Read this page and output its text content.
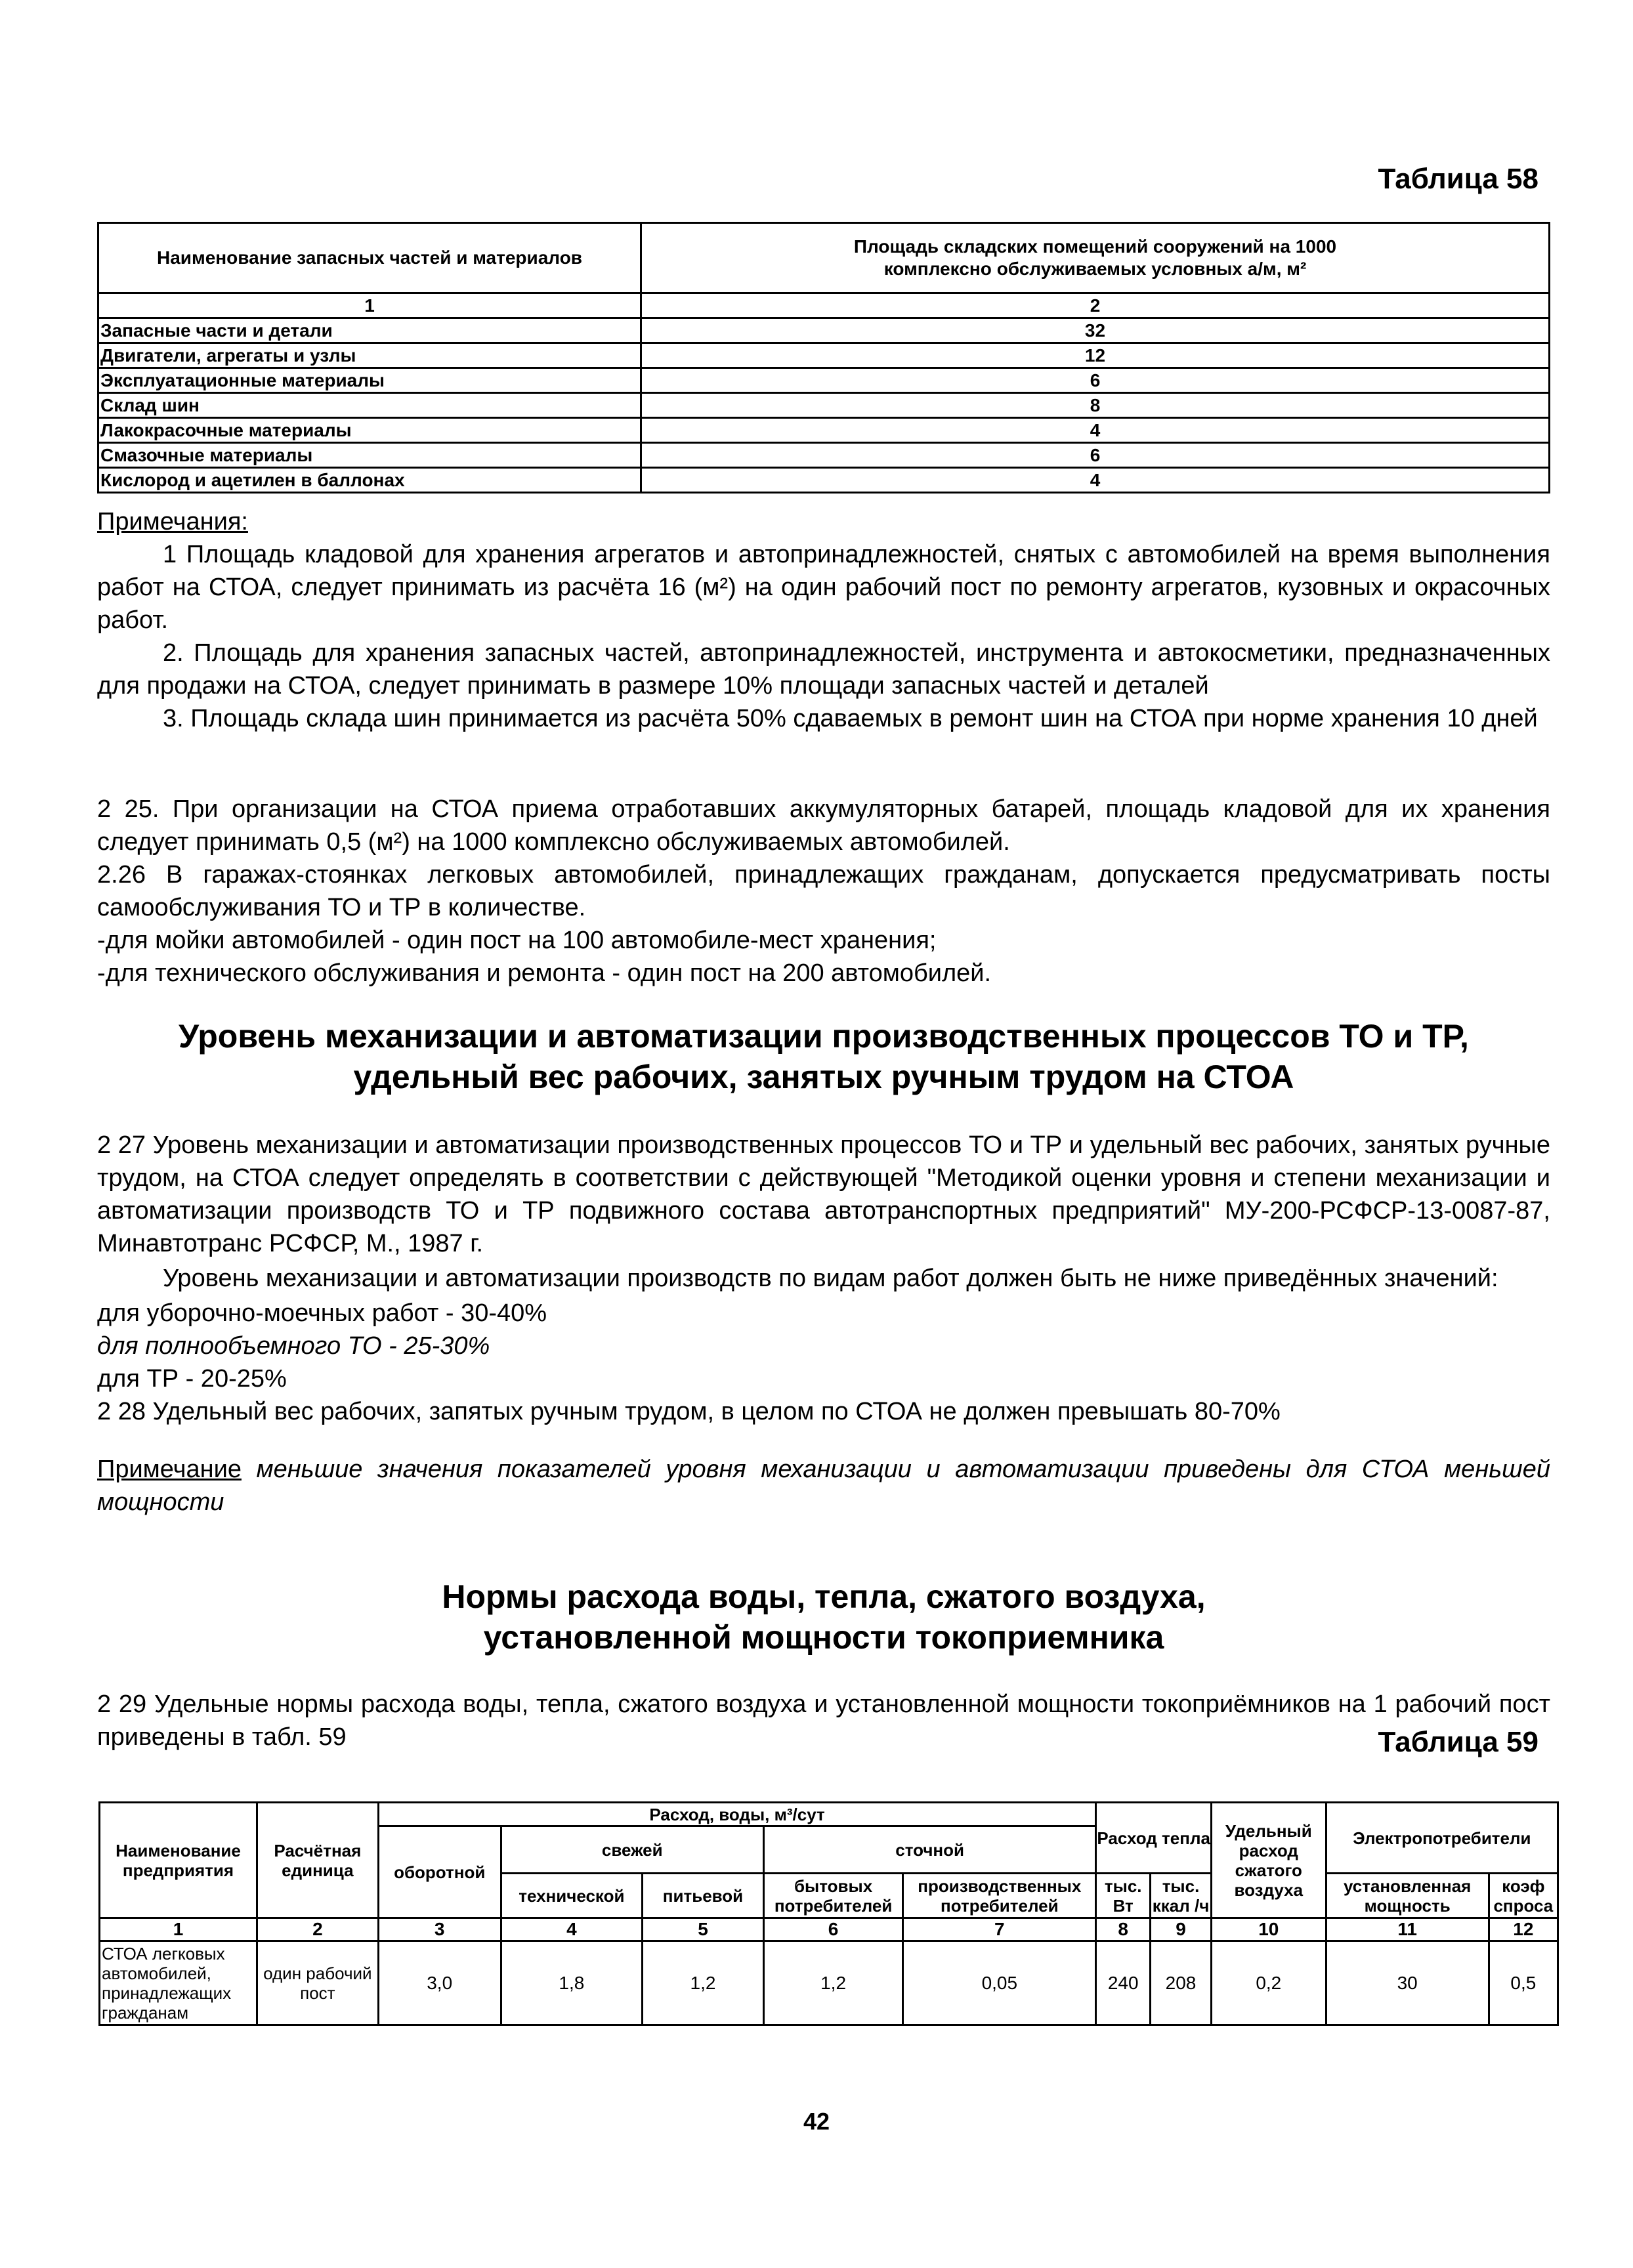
Таблица 58
Наименование запасных частей и материалов	Площадь складских помещений сооружений на 1000 комплексно обслуживаемых условных а/м, м²
1	2
Запасные части и детали	32
Двигатели, агрегаты и узлы	12
Эксплуатационные материалы	6
Склад шин	8
Лакокрасочные материалы	4
Смазочные материалы	6
Кислород и ацетилен в баллонах	4

Примечания:

1 Площадь кладовой для хранения агрегатов и автопринадлежностей, снятых с автомобилей на время выполнения работ на СТОА, следует принимать из расчёта 16 (м²) на один рабочий пост по ремонту агрегатов, кузовных и окрасочных работ.

2. Площадь для хранения запасных частей, автопринадлежностей, инструмента и автокосметики, предназначенных для продажи на СТОА, следует принимать в размере 10% площади запасных частей и деталей

3. Площадь склада шин принимается из расчёта 50% сдаваемых в ремонт шин на СТОА при норме хранения 10 дней

2 25. При организации на СТОА приема отработавших аккумуляторных батарей, площадь кладовой для их хранения следует принимать 0,5 (м²) на 1000 комплексно обслуживаемых автомобилей.

2.26 В гаражах-стоянках легковых автомобилей, принадлежащих гражданам, допускается предусматривать посты самообслуживания ТО и ТР в количестве.

-для мойки автомобилей - один пост на 100 автомобиле-мест хранения;

-для технического обслуживания и ремонта - один пост на 200 автомобилей.

Уровень механизации и автоматизации производственных процессов ТО и ТР,
удельный вес рабочих, занятых ручным трудом на СТОА

2 27 Уровень механизации и автоматизации производственных процессов ТО и ТР и удельный вес рабочих, занятых ручные трудом, на СТОА следует определять в соответствии с действующей "Методикой оценки уровня и степени механизации и автоматизации производств ТО и ТР подвижного состава автотранспортных предприятий" МУ-200-РСФСР-13-0087-87, Минавтотранс РСФСР, М., 1987 г.

Уровень механизации и автоматизации производств по видам работ должен быть не ниже приведённых значений:

для уборочно-моечных работ - 30-40%

для полнообъемного ТО - 25-30%

для ТР - 20-25%

2 28 Удельный вес рабочих, запятых ручным трудом, в целом по СТОА не должен превышать 80-70%

Примечание меньшие значения показателей уровня механизации и автоматизации приведены для СТОА меньшей мощности

Нормы расхода воды, тепла, сжатого воздуха,
установленной мощности токоприемника

2 29 Удельные нормы расхода воды, тепла, сжатого воздуха и установленной мощности токоприёмников на 1 рабочий пост приведены в табл. 59	Таблица 59
Наименование предприятия	Расчётная единица	Расход, воды, м³/сут					Расход тепла		Удельный расход сжатого воздуха	Электропотребители	
		оборотной	свежей		сточной						
			технической	питьевой	бытовых потребителей	производственных потребителей	тыс. Вт	тыс. ккал /ч		установленная мощность	коэф спроса
1	2	3	4	5	6	7	8	9	10	11	12
СТОА легковых автомобилей, принадлежащих гражданам	один рабочий пост	3,0	1,8	1,2	1,2	0,05	240	208	0,2	30	0,5
42
